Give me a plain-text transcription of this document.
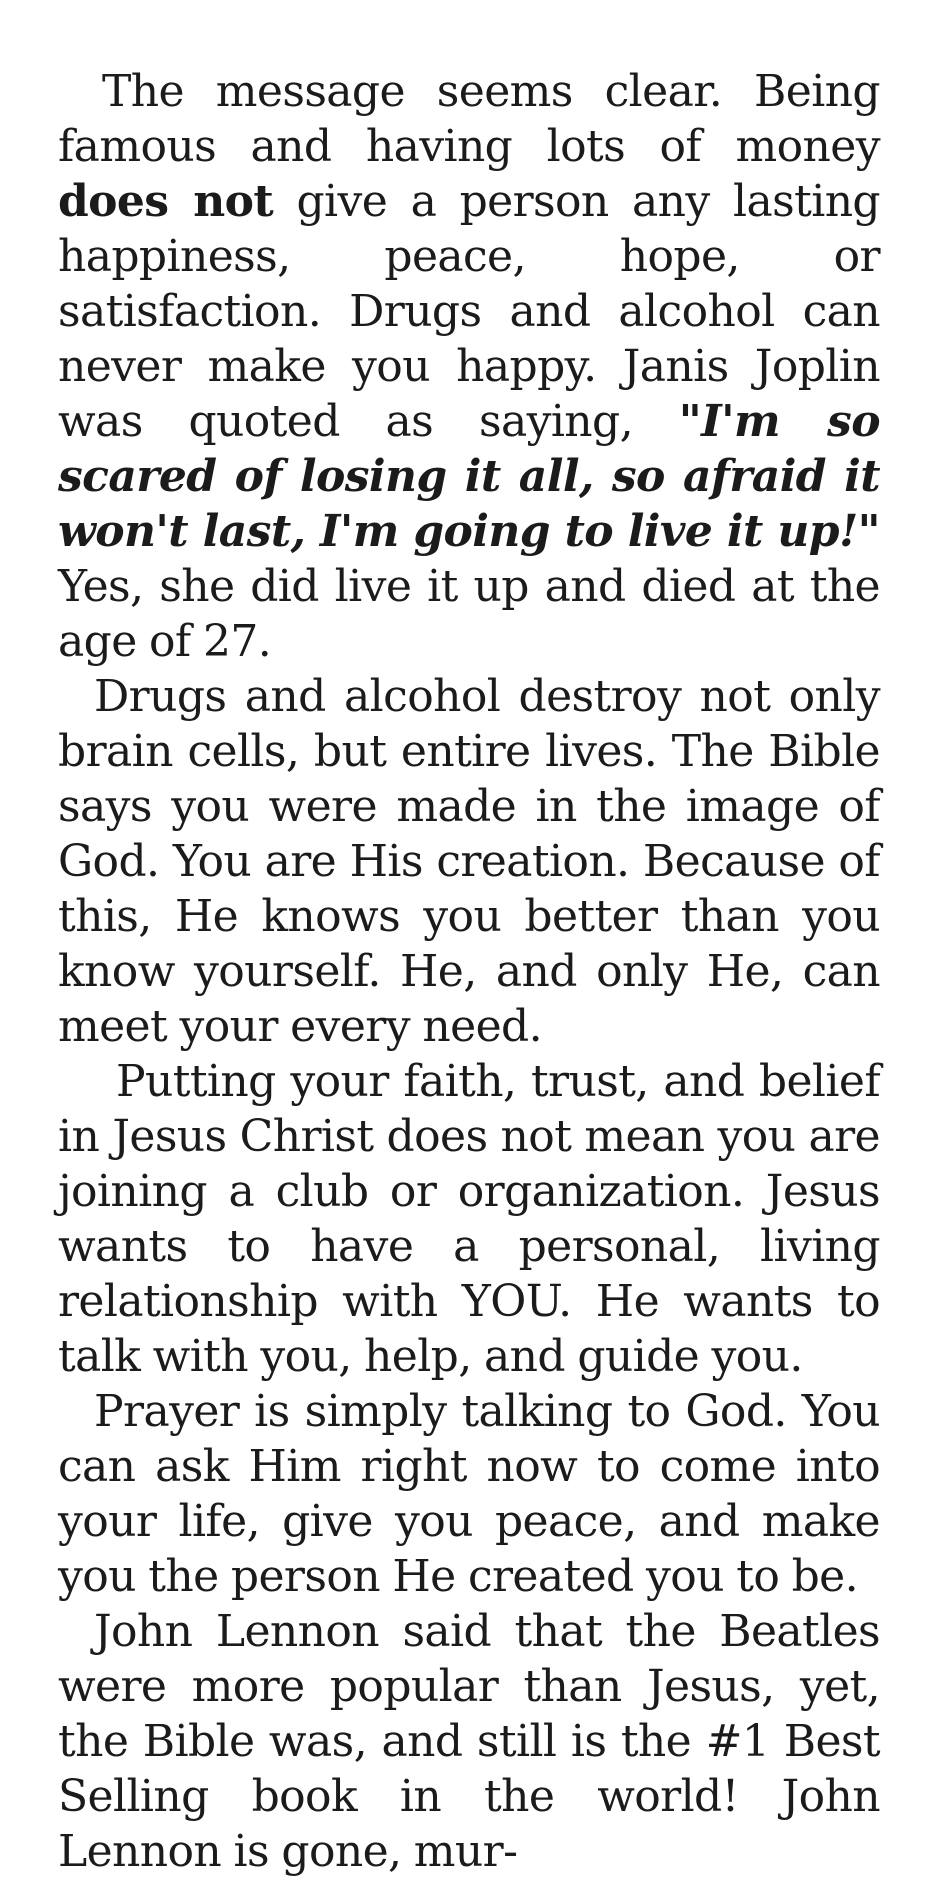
The message seems clear. Being famous and having lots of money does not give a person any lasting happiness, peace, hope, or satisfaction. Drugs and alcohol can never make you happy. Janis Joplin was quoted as saying, "I'm so scared of losing it all, so afraid it won't last, I'm going to live it up!" Yes, she did live it up and died at the age of 27.

Drugs and alcohol destroy not only brain cells, but entire lives. The Bible says you were made in the image of God. You are His creation. Because of this, He knows you better than you know yourself. He, and only He, can meet your every need.

Putting your faith, trust, and belief in Jesus Christ does not mean you are joining a club or organization. Jesus wants to have a personal, living relationship with YOU. He wants to talk with you, help, and guide you.

Prayer is simply talking to God. You can ask Him right now to come into your life, give you peace, and make you the person He created you to be.

John Lennon said that the Beatles were more popular than Jesus, yet, the Bible was, and still is the #1 Best Selling book in the world! John Lennon is gone, mur-
